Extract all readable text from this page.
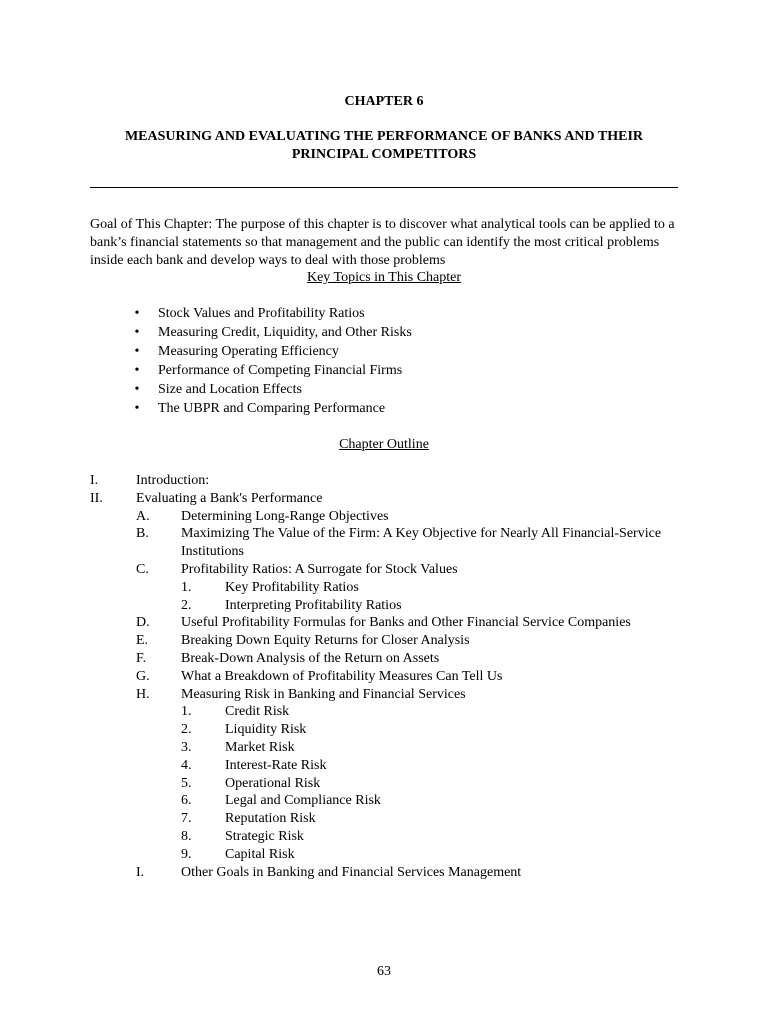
CHAPTER 6
MEASURING AND EVALUATING THE PERFORMANCE OF BANKS AND THEIR PRINCIPAL COMPETITORS
Goal of This Chapter: The purpose of this chapter is to discover what analytical tools can be applied to a bank’s financial statements so that management and the public can identify the most critical problems inside each bank and develop ways to deal with those problems
Key Topics in This Chapter
• Stock Values and Profitability Ratios
• Measuring Credit, Liquidity, and Other Risks
• Measuring Operating Efficiency
• Performance of Competing Financial Firms
• Size and Location Effects
• The UBPR and Comparing Performance
Chapter Outline
I.	Introduction:
II. Evaluating a Bank's Performance
A. Determining Long-Range Objectives
B. Maximizing The Value of the Firm: A Key Objective for Nearly All Financial-Service Institutions
C. Profitability Ratios: A Surrogate for Stock Values
1. Key Profitability Ratios
2. Interpreting Profitability Ratios
D. Useful Profitability Formulas for Banks and Other Financial Service Companies
E. Breaking Down Equity Returns for Closer Analysis
F. Break-Down Analysis of the Return on Assets
G. What a Breakdown of Profitability Measures Can Tell Us
H. Measuring Risk in Banking and Financial Services
1. Credit Risk
2. Liquidity Risk
3. Market Risk
4. Interest-Rate Risk
5. Operational Risk
6. Legal and Compliance Risk
7. Reputation Risk
8. Strategic Risk
9. Capital Risk
I.	Other Goals in Banking and Financial Services Management
63
